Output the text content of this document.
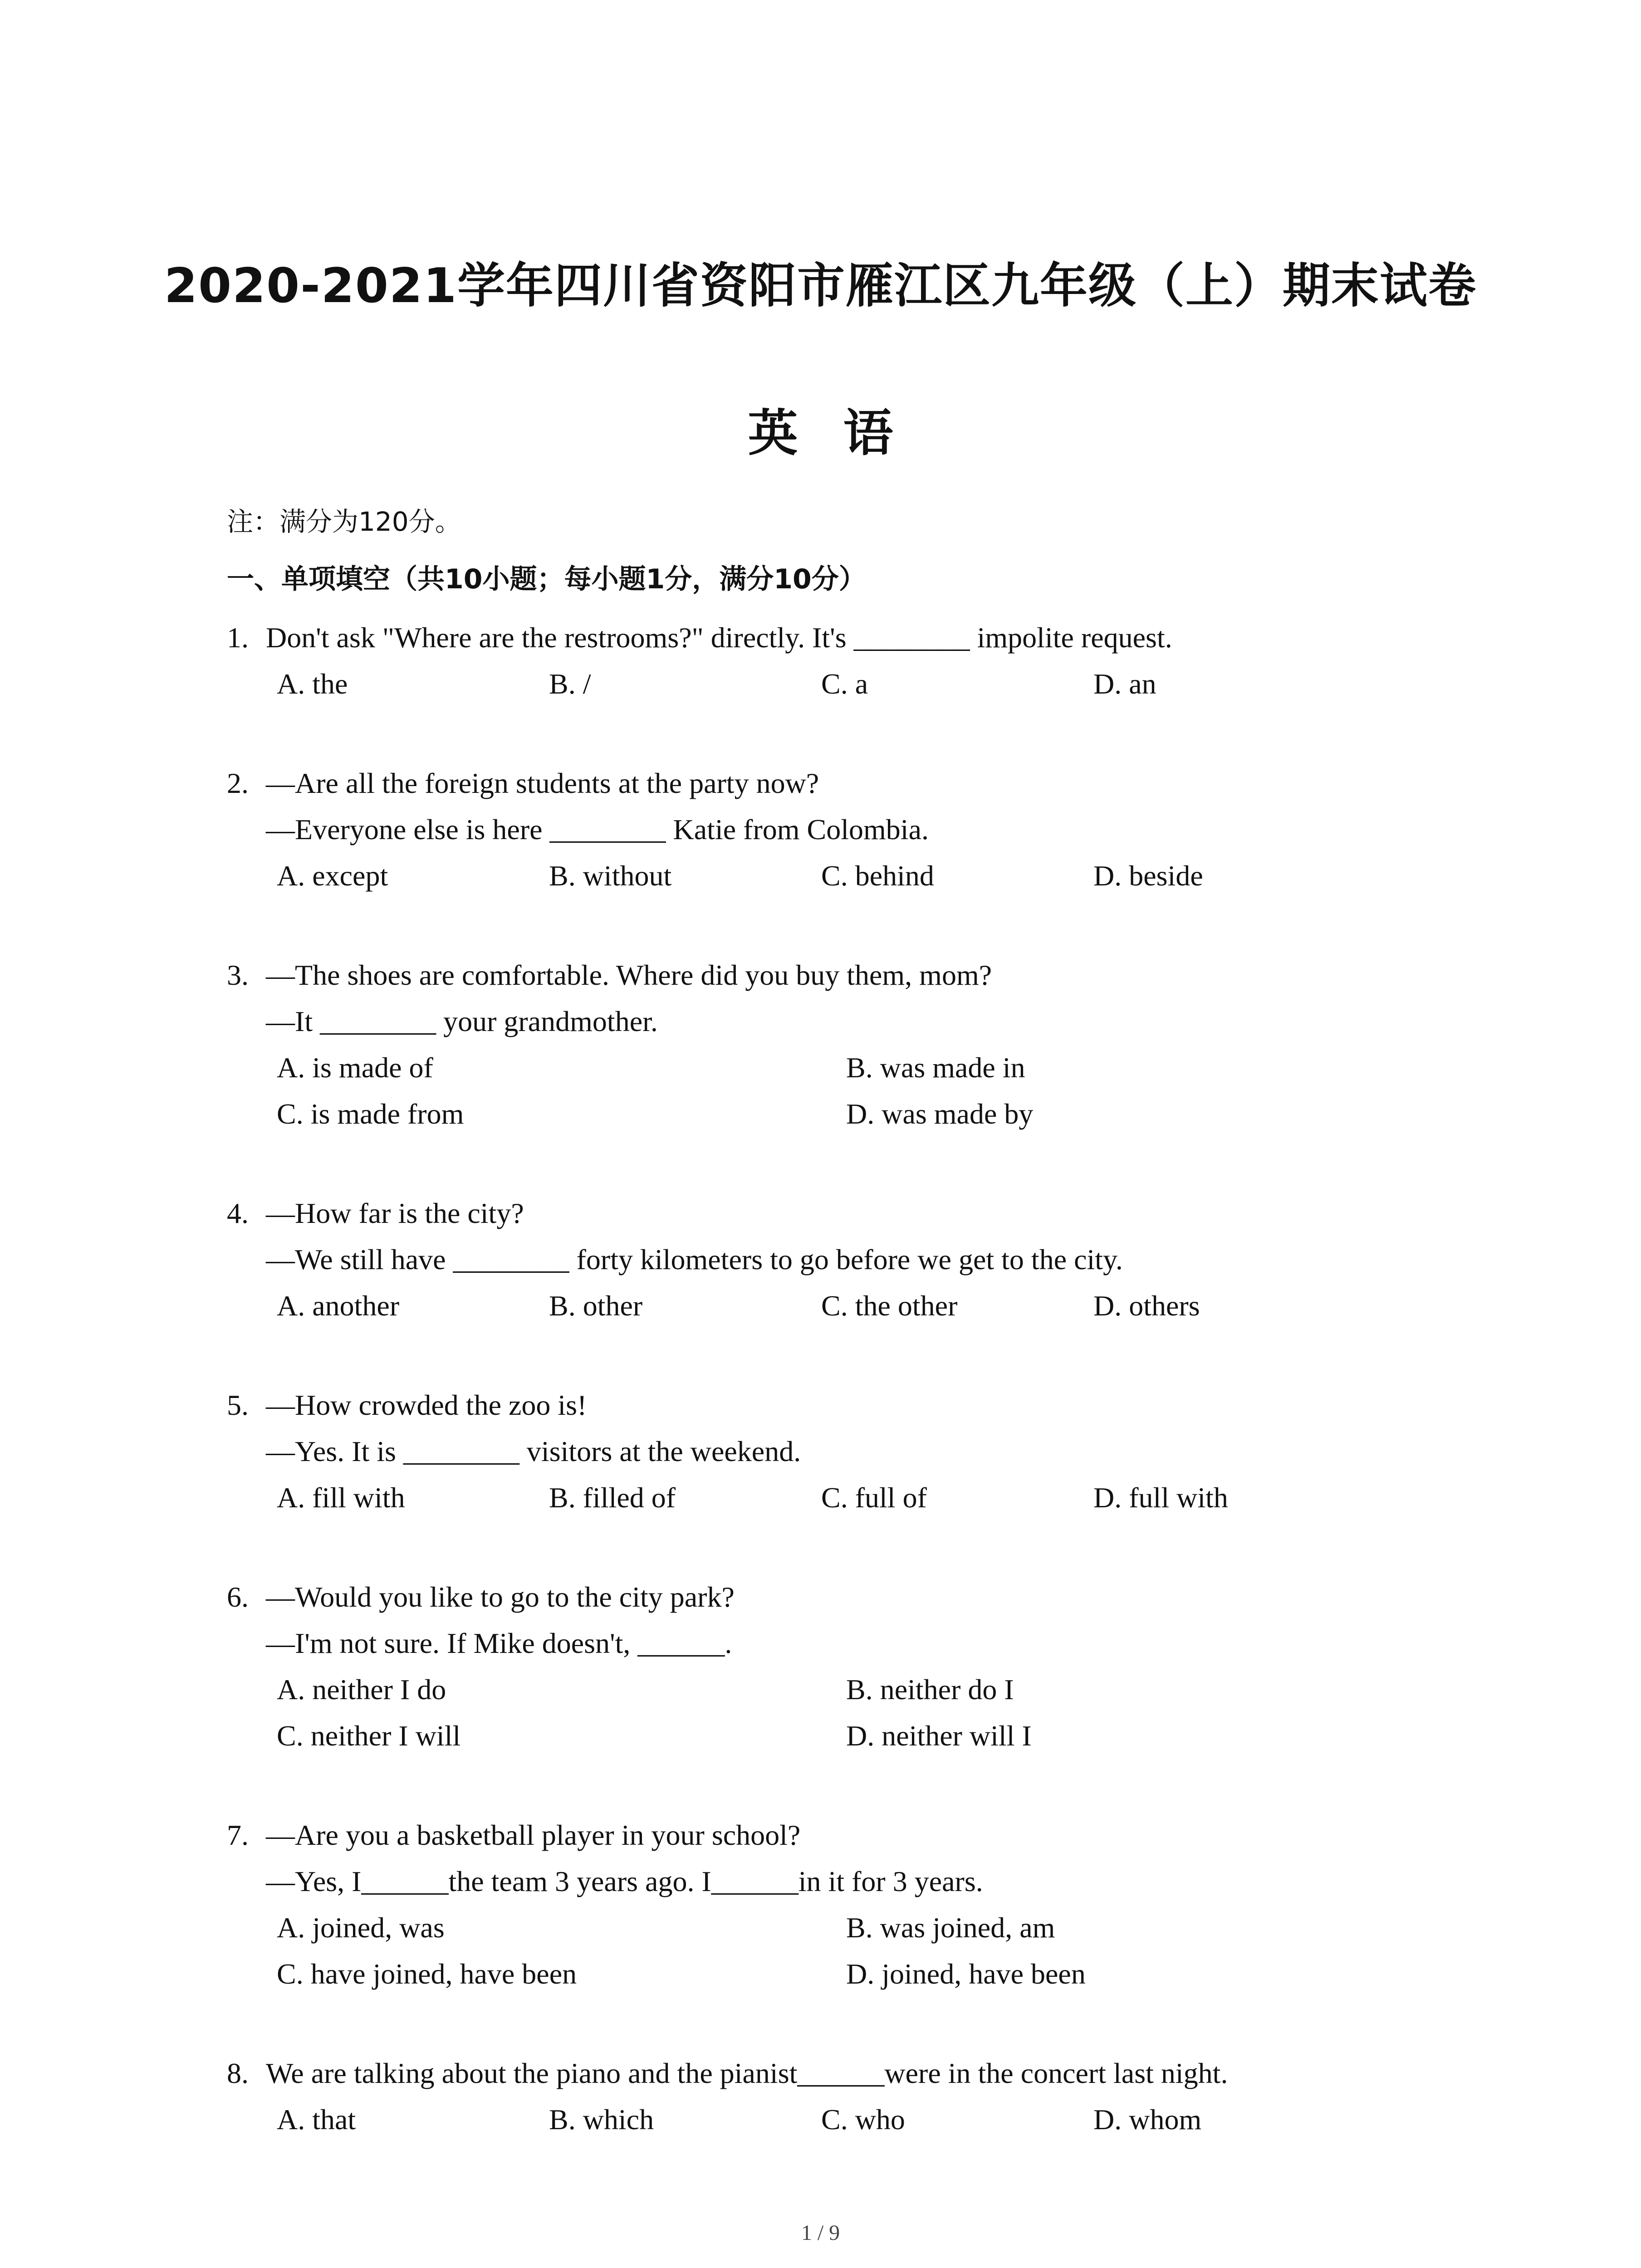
2020-2021学年四川省资阳市雁江区九年级（上）期末试卷
英语
注：满分为120分。
一、单项填空（共10小题；每小题1分，满分10分）
1. Don't ask "Where are the restrooms?" directly. It's ________ impolite request.
A. the	B. /	C. a	D. an
2. —Are all the foreign students at the party now?
—Everyone else is here ________ Katie from Colombia.
A. except	B. without	C. behind	D. beside
3. —The shoes are comfortable. Where did you buy them, mom?
—It ________ your grandmother.
A. is made of	B. was made in
C. is made from	D. was made by
4. —How far is the city?
—We still have ________ forty kilometers to go before we get to the city.
A. another	B. other	C. the other	D. others
5. —How crowded the zoo is!
—Yes. It is ________ visitors at the weekend.
A. fill with	B. filled of	C. full of	D. full with
6. —Would you like to go to the city park?
—I'm not sure. If Mike doesn't, ______.
A. neither I do	B. neither do I
C. neither I will	D. neither will I
7. —Are you a basketball player in your school?
—Yes, I______the team 3 years ago. I______in it for 3 years.
A. joined, was	B. was joined, am
C. have joined, have been	D. joined, have been
8. We are talking about the piano and the pianist______were in the concert last night.
A. that	B. which	C. who	D. whom
1 / 9
